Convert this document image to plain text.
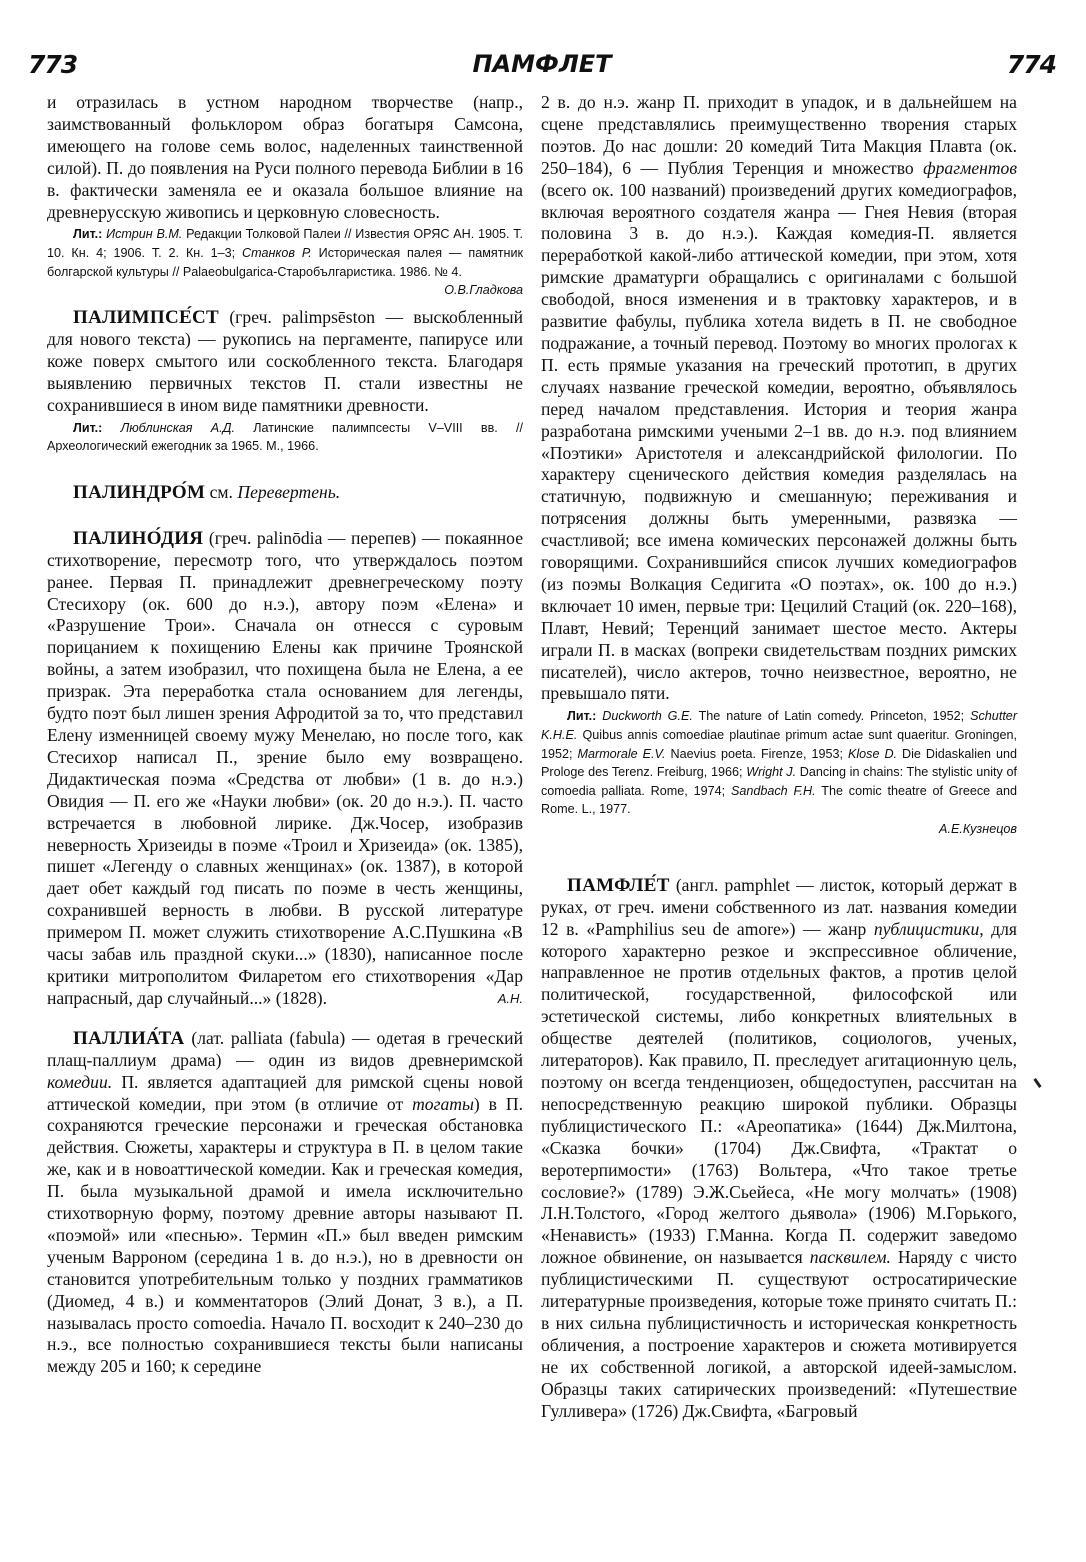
773	ПАМФЛЕТ	774

и отразилась в устном народном творчестве (напр., заимствованный фольклором образ богатыря Самсона, имеющего на голове семь волос, наделенных таинственной силой). П. до появления на Руси полного перевода Библии в 16 в. фактически заменяла ее и оказала большое влияние на древнерусскую живопись и церковную словесность.

Лит.: Истрин В.М. Редакции Толковой Палеи // Известия ОРЯС АН. 1905. Т. 10. Кн. 4; 1906. Т. 2. Кн. 1–3; Станков Р. Историческая палея — памятник болгарской культуры // Palaeobulgarica-Старобългаристика. 1986. № 4.
О.В.Гладкова

ПАЛИМПСЕ́СТ (греч. palimpsēston — выскобленный для нового текста) — рукопись на пергаменте, папирусе или коже поверх смытого или соскобленного текста. Благодаря выявлению первичных текстов П. стали известны не сохранившиеся в ином виде памятники древности.

Лит.: Люблинская А.Д. Латинские палимпсесты V–VIII вв. // Археологический ежегодник за 1965. М., 1966.

ПАЛИНДРО́М см. Перевертень.

ПАЛИНО́ДИЯ (греч. palinōdia — перепев) — покаянное стихотворение, пересмотр того, что утверждалось поэтом ранее. Первая П. принадлежит древнегреческому поэту Стесихору (ок. 600 до н.э.), автору поэм «Елена» и «Разрушение Трои». Сначала он отнесся с суровым порицанием к похищению Елены как причине Троянской войны, а затем изобразил, что похищена была не Елена, а ее призрак. Эта переработка стала основанием для легенды, будто поэт был лишен зрения Афродитой за то, что представил Елену изменницей своему мужу Менелаю, но после того, как Стесихор написал П., зрение было ему возвращено. Дидактическая поэма «Средства от любви» (1 в. до н.э.) Овидия — П. его же «Науки любви» (ок. 20 до н.э.). П. часто встречается в любовной лирике. Дж.Чосер, изобразив неверность Хризеиды в поэме «Троил и Хризеида» (ок. 1385), пишет «Легенду о славных женщинах» (ок. 1387), в которой дает обет каждый год писать по поэме в честь женщины, сохранившей верность в любви. В русской литературе примером П. может служить стихотворение А.С.Пушкина «В часы забав иль праздной скуки...» (1830), написанное после критики митрополитом Филаретом его стихотворения «Дар напрасный, дар случайный...» (1828).	А.Н.

ПАЛЛИА́ТА (лат. palliata (fabula) — одетая в греческий плащ-паллиум драма) — один из видов древнеримской комедии. П. является адаптацией для римской сцены новой аттической комедии, при этом (в отличие от тогаты) в П. сохраняются греческие персонажи и греческая обстановка действия. Сюжеты, характеры и структура в П. в целом такие же, как и в новоаттической комедии. Как и греческая комедия, П. была музыкальной драмой и имела исключительно стихотворную форму, поэтому древние авторы называют П. «поэмой» или «песнью». Термин «П.» был введен римским ученым Варроном (середина 1 в. до н.э.), но в древности он становится употребительным только у поздних грамматиков (Диомед, 4 в.) и комментаторов (Элий Донат, 3 в.), а П. называлась просто comoedia. Начало П. восходит к 240–230 до н.э., все полностью сохранившиеся тексты были написаны между 205 и 160; к середине

2 в. до н.э. жанр П. приходит в упадок, и в дальнейшем на сцене представлялись преимущественно творения старых поэтов. До нас дошли: 20 комедий Тита Макция Плавта (ок. 250–184), 6 — Публия Теренция и множество фрагментов (всего ок. 100 названий) произведений других комедиографов, включая вероятного создателя жанра — Гнея Невия (вторая половина 3 в. до н.э.). Каждая комедия-П. является переработкой какой-либо аттической комедии, при этом, хотя римские драматурги обращались с оригиналами с большой свободой, внося изменения и в трактовку характеров, и в развитие фабулы, публика хотела видеть в П. не свободное подражание, а точный перевод. Поэтому во многих прологах к П. есть прямые указания на греческий прототип, в других случаях название греческой комедии, вероятно, объявлялось перед началом представления. История и теория жанра разработана римскими учеными 2–1 вв. до н.э. под влиянием «Поэтики» Аристотеля и александрийской филологии. По характеру сценического действия комедия разделялась на статичную, подвижную и смешанную; переживания и потрясения должны быть умеренными, развязка — счастливой; все имена комических персонажей должны быть говорящими. Сохранившийся список лучших комедиографов (из поэмы Волкация Седигита «О поэтах», ок. 100 до н.э.) включает 10 имен, первые три: Цецилий Стаций (ок. 220–168), Плавт, Невий; Теренций занимает шестое место. Актеры играли П. в масках (вопреки свидетельствам поздних римских писателей), число актеров, точно неизвестное, вероятно, не превышало пяти.

Лит.: Duckworth G.E. The nature of Latin comedy. Princeton, 1952; Schutter K.H.E. Quibus annis comoediae plautinae primum actae sunt quaeritur. Groningen, 1952; Marmorale E.V. Naevius poeta. Firenze, 1953; Klose D. Die Didaskalien und Prologe des Terenz. Freiburg, 1966; Wright J. Dancing in chains: The stylistic unity of comoedia palliata. Rome, 1974; Sandbach F.H. The comic theatre of Greece and Rome. L., 1977.

А.Е.Кузнецов

ПАМФЛЕ́Т (англ. pamphlet — листок, который держат в руках, от греч. имени собственного из лат. названия комедии 12 в. «Pamphilius seu de amore») — жанр публицистики, для которого характерно резкое и экспрессивное обличение, направленное не против отдельных фактов, а против целой политической, государственной, философской или эстетической системы, либо конкретных влиятельных в обществе деятелей (политиков, социологов, ученых, литераторов). Как правило, П. преследует агитационную цель, поэтому он всегда тенденциозен, общедоступен, рассчитан на непосредственную реакцию широкой публики. Образцы публицистического П.: «Ареопатика» (1644) Дж.Милтона, «Сказка бочки» (1704) Дж.Свифта, «Трактат о веротерпимости» (1763) Вольтера, «Что такое третье сословие?» (1789) Э.Ж.Сьейеса, «Не могу молчать» (1908) Л.Н.Толстого, «Город желтого дьявола» (1906) М.Горького, «Ненависть» (1933) Г.Манна. Когда П. содержит заведомо ложное обвинение, он называется пасквилем. Наряду с чисто публицистическими П. существуют остросатирические литературные произведения, которые тоже принято считать П.: в них сильна публицистичность и историческая конкретность обличения, а построение характеров и сюжета мотивируется не их собственной логикой, а авторской идеей-замыслом. Образцы таких сатирических произведений: «Путешествие Гулливера» (1726) Дж.Свифта, «Багровый
